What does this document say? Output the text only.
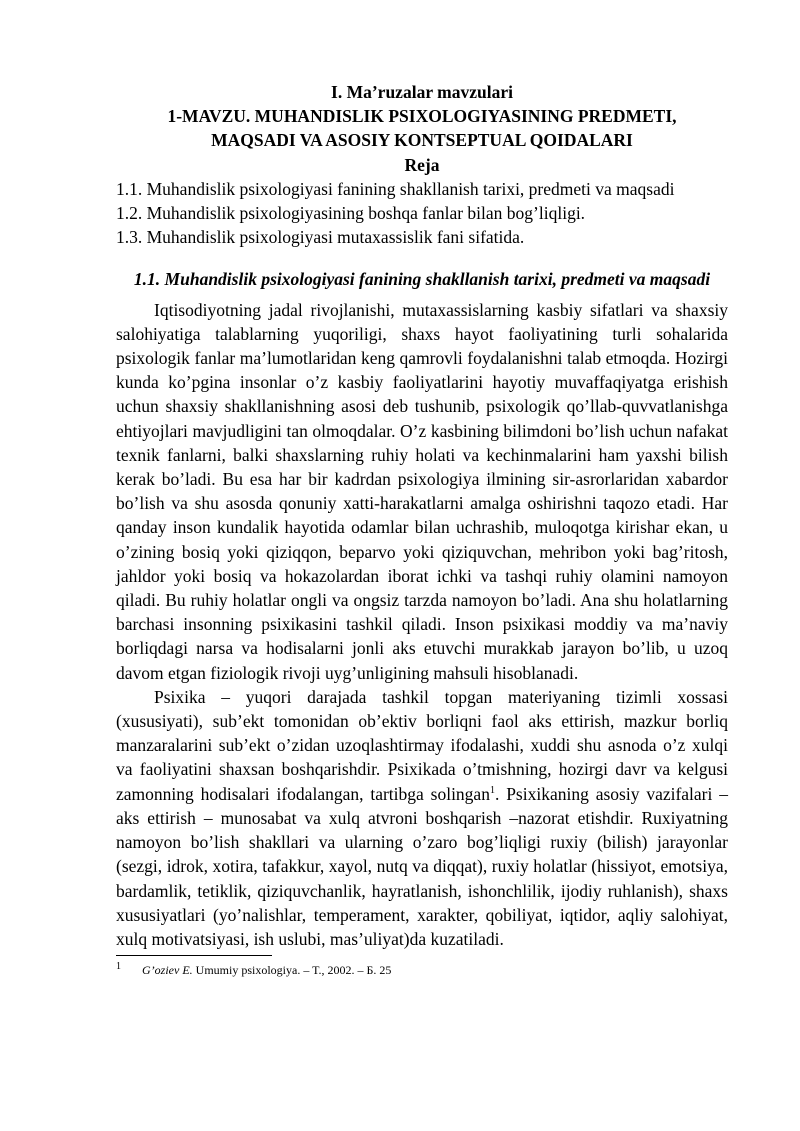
I. Ma’ruzalar mavzulari
1-MAVZU. MUHANDISLIK PSIXOLOGIYASINING PREDMETI,
MAQSADI VA ASOSIY KONTSEPTUAL QOIDALARI
Reja

1.1. Muhandislik psixologiyasi fanining shakllanish tarixi, predmeti va maqsadi

1.2. Muhandislik psixologiyasining boshqa fanlar bilan bog’liqligi.

1.3. Muhandislik psixologiyasi mutaxassislik fani sifatida.

1.1. Muhandislik psixologiyasi fanining shakllanish tarixi, predmeti va maqsadi

Iqtisodiyotning jadal rivojlanishi, mutaxassislarning kasbiy sifatlari va shaxsiy salohiyatiga talablarning yuqoriligi, shaxs hayot faoliyatining turli sohalarida psixologik fanlar ma’lumotlaridan keng qamrovli foydalanishni talab etmoqda. Hozirgi kunda ko’pgina insonlar o’z kasbiy faoliyatlarini hayotiy muvaffaqiyatga erishish uchun shaxsiy shakllanishning asosi deb tushunib, psixologik qo’llab-quvvatlanishga ehtiyojlari mavjudligini tan olmoqdalar. O’z kasbining bilimdoni bo’lish uchun nafakat texnik fanlarni, balki shaxslarning ruhiy holati va kechinmalarini ham yaxshi bilish kerak bo’ladi. Bu esa har bir kadrdan psixologiya ilmining sir-asrorlaridan xabardor bo’lish va shu asosda qonuniy xatti-harakatlarni amalga oshirishni taqozo etadi. Har qanday inson kundalik hayotida odamlar bilan uchrashib, muloqotga kirishar ekan, u o’zining bosiq yoki qiziqqon, beparvo yoki qiziquvchan, mehribon yoki bag’ritosh, jahldor yoki bosiq va hokazolardan iborat ichki va tashqi ruhiy olamini namoyon qiladi. Bu ruhiy holatlar ongli va ongsiz tarzda namoyon bo’ladi. Ana shu holatlarning barchasi insonning psixikasini tashkil qiladi. Inson psixikasi moddiy va ma’naviy borliqdagi narsa va hodisalarni jonli aks etuvchi murakkab jarayon bo’lib, u uzoq davom etgan fiziologik rivoji uyg’unligining mahsuli hisoblanadi.

Psixika – yuqori darajada tashkil topgan materiyaning tizimli xossasi (xususiyati), sub’ekt tomonidan ob’ektiv borliqni faol aks ettirish, mazkur borliq manzaralarini sub’ekt o’zidan uzoqlashtirmay ifodalashi, xuddi shu asnoda o’z xulqi va faoliyatini shaxsan boshqarishdir. Psixikada o’tmishning, hozirgi davr va kelgusi zamonning hodisalari ifodalangan, tartibga solingan$^1$. Psixikaning asosiy vazifalari – aks ettirish – munosabat va xulq atvroni boshqarish –nazorat etishdir. Ruxiyatning namoyon bo’lish shakllari va ularning o’zaro bog’liqligi ruxiy (bilish) jarayonlar (sezgi, idrok, xotira, tafakkur, xayol, nutq va diqqat), ruxiy holatlar (hissiyot, emotsiya, bardamlik, tetiklik, qiziquvchanlik, hayratlanish, ishonchlilik, ijodiy ruhlanish), shaxs xususiyatlari (yo’nalishlar, temperament, xarakter, qobiliyat, iqtidor, aqliy salohiyat, xulq motivatsiyasi, ish uslubi, mas’uliyat)da kuzatiladi.

1 G’oziev E. Umumiy psixologiya. – T., 2002. – Б. 25
